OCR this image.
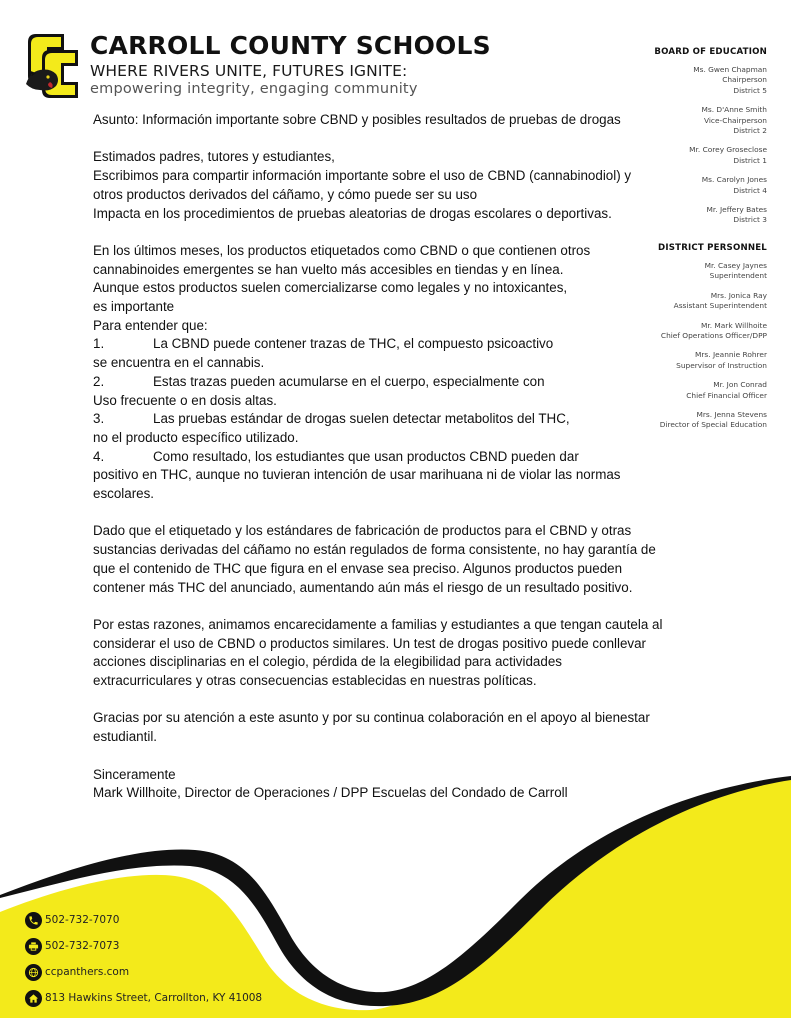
CARROLL COUNTY SCHOOLS
WHERE RIVERS UNITE, FUTURES IGNITE:
empowering integrity, engaging community
BOARD OF EDUCATION
Ms. Gwen Chapman
Chairperson
District 5
Ms. D'Anne Smith
Vice-Chairperson
District 2
Mr. Corey Groseclose
District 1
Ms. Carolyn Jones
District 4
Mr. Jeffery Bates
District 3
DISTRICT PERSONNEL
Mr. Casey Jaynes
Superintendent
Mrs. Jonica Ray
Assistant Superintendent
Mr. Mark Willhoite
Chief Operations Officer/DPP
Mrs. Jeannie Rohrer
Supervisor of Instruction
Mr. Jon Conrad
Chief Financial Officer
Mrs. Jenna Stevens
Director of Special Education

Asunto: Información importante sobre CBND y posibles resultados de pruebas de drogas

Estimados padres, tutores y estudiantes,

Escribimos para compartir información importante sobre el uso de CBND (cannabinodiol) y

otros productos derivados del cáñamo, y cómo puede ser su uso

Impacta en los procedimientos de pruebas aleatorias de drogas escolares o deportivas.

En los últimos meses, los productos etiquetados como CBND o que contienen otros

cannabinoides emergentes se han vuelto más accesibles en tiendas y en línea.

Aunque estos productos suelen comercializarse como legales y no intoxicantes,

es importante

Para entender que:

1.	La CBND puede contener trazas de THC, el compuesto psicoactivo

se encuentra en el cannabis.

2.	Estas trazas pueden acumularse en el cuerpo, especialmente con

Uso frecuente o en dosis altas.

3.	Las pruebas estándar de drogas suelen detectar metabolitos del THC,

no el producto específico utilizado.

4.	Como resultado, los estudiantes que usan productos CBND pueden dar

positivo en THC, aunque no tuvieran intención de usar marihuana ni de violar las normas

escolares.

Dado que el etiquetado y los estándares de fabricación de productos para el CBND y otras

sustancias derivadas del cáñamo no están regulados de forma consistente, no hay garantía de

que el contenido de THC que figura en el envase sea preciso. Algunos productos pueden

contener más THC del anunciado, aumentando aún más el riesgo de un resultado positivo.

Por estas razones, animamos encarecidamente a familias y estudiantes a que tengan cautela al

considerar el uso de CBND o productos similares. Un test de drogas positivo puede conllevar

acciones disciplinarias en el colegio, pérdida de la elegibilidad para actividades

extracurriculares y otras consecuencias establecidas en nuestras políticas.

Gracias por su atención a este asunto y por su continua colaboración en el apoyo al bienestar

estudiantil.

Sinceramente

Mark Willhoite, Director de Operaciones / DPP Escuelas del Condado de Carroll

502-732-7070
502-732-7073
ccpanthers.com
813 Hawkins Street, Carrollton, KY 41008
